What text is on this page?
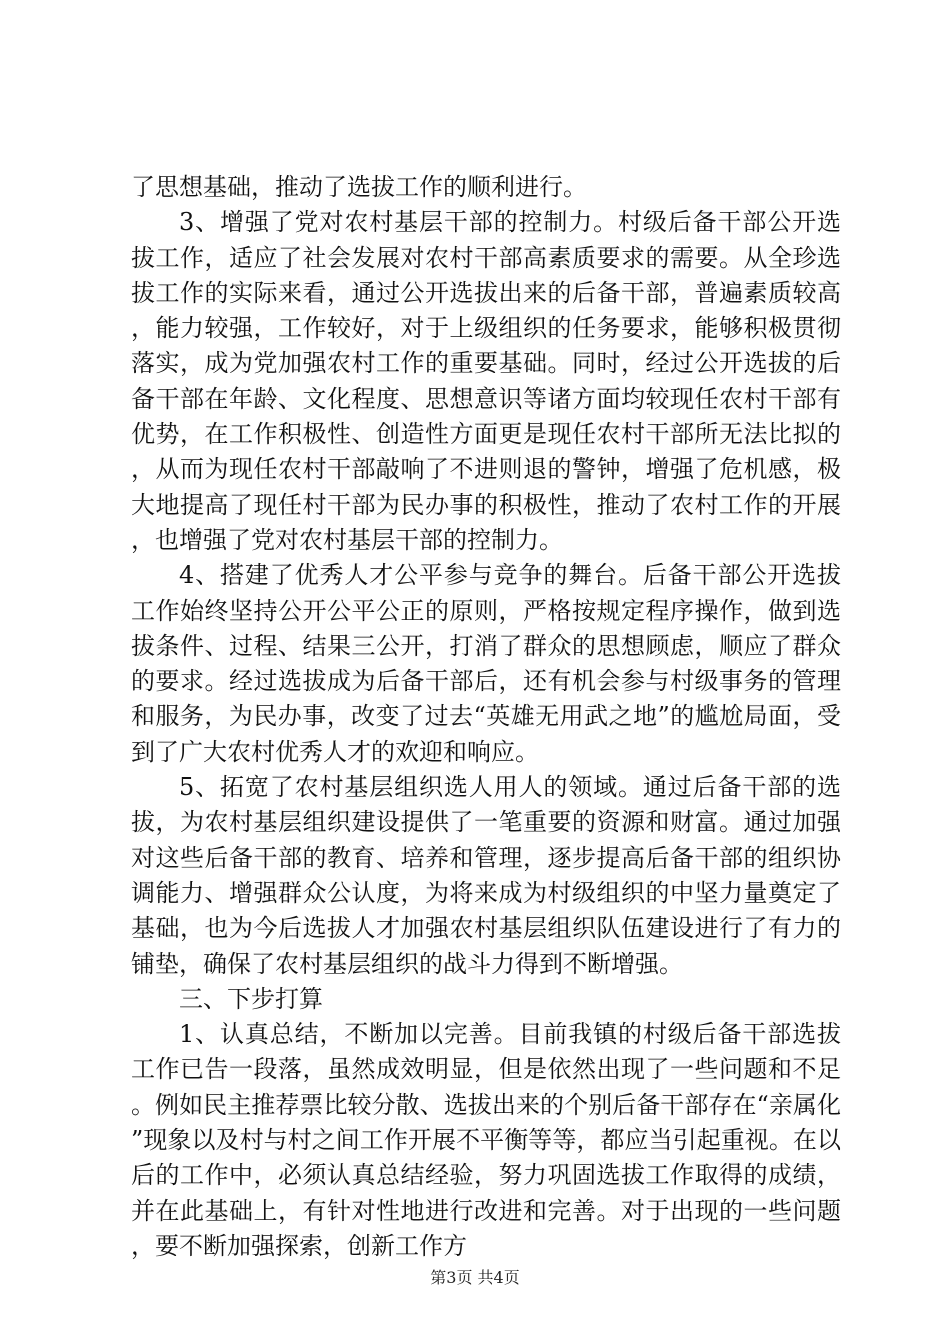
了思想基础，推动了选拔工作的顺利进行。

3、增强了党对农村基层干部的控制力。村级后备干部公开选拔工作，适应了社会发展对农村干部高素质要求的需要。从全珍选拔工作的实际来看，通过公开选拔出来的后备干部，普遍素质较高，能力较强，工作较好，对于上级组织的任务要求，能够积极贯彻落实，成为党加强农村工作的重要基础。同时，经过公开选拔的后备干部在年龄、文化程度、思想意识等诸方面均较现任农村干部有优势，在工作积极性、创造性方面更是现任农村干部所无法比拟的，从而为现任农村干部敲响了不进则退的警钟，增强了危机感，极大地提高了现任村干部为民办事的积极性，推动了农村工作的开展，也增强了党对农村基层干部的控制力。

4、搭建了优秀人才公平参与竞争的舞台。后备干部公开选拔工作始终坚持公开公平公正的原则，严格按规定程序操作，做到选拔条件、过程、结果三公开，打消了群众的思想顾虑，顺应了群众的要求。经过选拔成为后备干部后，还有机会参与村级事务的管理和服务，为民办事，改变了过去“英雄无用武之地”的尴尬局面，受到了广大农村优秀人才的欢迎和响应。

5、拓宽了农村基层组织选人用人的领域。通过后备干部的选拔，为农村基层组织建设提供了一笔重要的资源和财富。通过加强对这些后备干部的教育、培养和管理，逐步提高后备干部的组织协调能力、增强群众公认度，为将来成为村级组织的中坚力量奠定了基础，也为今后选拔人才加强农村基层组织队伍建设进行了有力的铺垫，确保了农村基层组织的战斗力得到不断增强。

三、下步打算

1、认真总结，不断加以完善。目前我镇的村级后备干部选拔工作已告一段落，虽然成效明显，但是依然出现了一些问题和不足。例如民主推荐票比较分散、选拔出来的个别后备干部存在“亲属化”现象以及村与村之间工作开展不平衡等等，都应当引起重视。在以后的工作中，必须认真总结经验，努力巩固选拔工作取得的成绩，并在此基础上，有针对性地进行改进和完善。对于出现的一些问题，要不断加强探索，创新工作方

第3页 共4页
